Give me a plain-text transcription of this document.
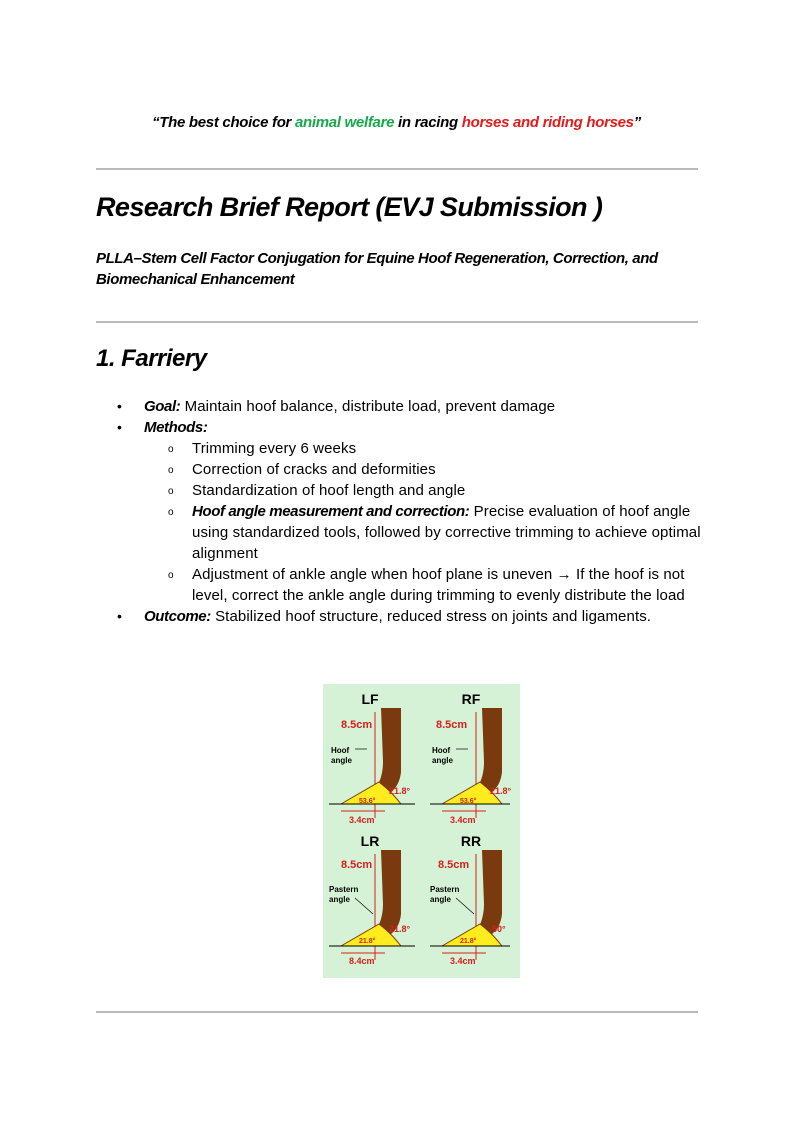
“The best choice for animal welfare in racing horses and riding horses”
Research Brief Report (EVJ Submission )

PLLA–Stem Cell Factor Conjugation for Equine Hoof Regeneration, Correction, and Biomechanical Enhancement

1. Farriery
• Goal: Maintain hoof balance, distribute load, prevent damage
• Methods:
o Trimming every 6 weeks
o Correction of cracks and deformities
o Standardization of hoof length and angle
o Hoof angle measurement and correction: Precise evaluation of hoof angle using standardized tools, followed by corrective trimming to achieve optimal alignment
o Adjustment of ankle angle when hoof plane is uneven → If the hoof is not level, correct the ankle angle during trimming to evenly distribute the load
• Outcome: Stabilized hoof structure, reduced stress on joints and ligaments.
LF
8.5cm
Hoof
angle
21.8°
53.6°
3.4cm
RF
8.5cm
Hoof
angle
21.8°
53.6°
3.4cm
LR
8.5cm
Pastern
angle
21.8°
21.8°
8.4cm
RR
8.5cm
Pastern
angle
50°
21.8°
3.4cm
